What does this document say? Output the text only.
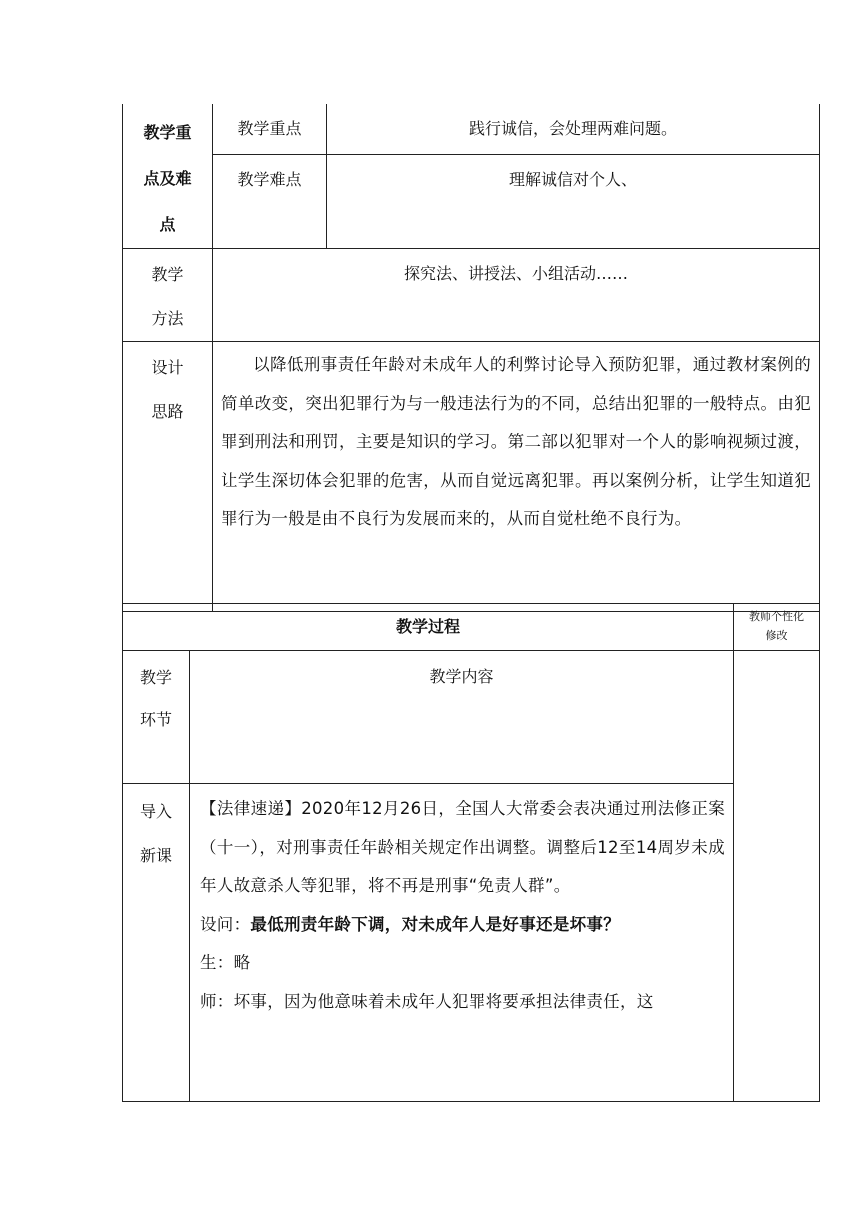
教学重点及难点	教学重点	践行诚信，会处理两难问题。
	教学难点	理解诚信对个人、
教学方法	探究法、讲授法、小组活动……	
设计思路	以降低刑事责任年龄对未成年人的利弊讨论导入预防犯罪，通过教材案例的简单改变，突出犯罪行为与一般违法行为的不同，总结出犯罪的一般特点。由犯罪到刑法和刑罚，主要是知识的学习。第二部以犯罪对一个人的影响视频过渡，让学生深切体会犯罪的危害，从而自觉远离犯罪。再以案例分析，让学生知道犯罪行为一般是由不良行为发展而来的，从而自觉杜绝不良行为。	
教学过程		教师个性化修改
教学环节	教学内容	
导入新课	【法律速递】2020年12月26日，全国人大常委会表决通过刑法修正案（十一），对刑事责任年龄相关规定作出调整。调整后12至14周岁未成年人故意杀人等犯罪，将不再是刑事“免责人群”。

设问：最低刑责年龄下调，对未成年人是好事还是坏事？

生：略

师：坏事，因为他意味着未成年人犯罪将要承担法律责任，这	
